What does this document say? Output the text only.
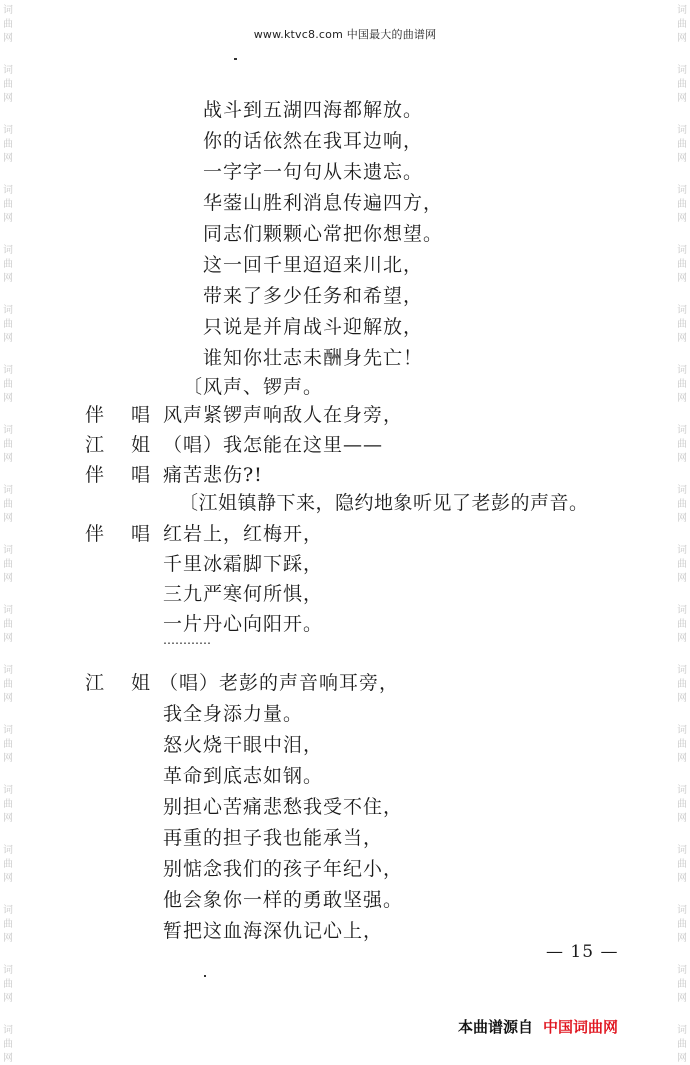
词
曲
网
词
曲
网
词
曲
网
词
曲
网
词
曲
网
词
曲
网
词
曲
网
词
曲
网
词
曲
网
词
曲
网
词
曲
网
词
曲
网
词
曲
网
词
曲
网
词
曲
网
词
曲
网
词
曲
网
词
曲
网
词
曲
网
词
曲
网
词
曲
网
词
曲
网
词
曲
网
词
曲
网
词
曲
网
词
曲
网
词
曲
网
词
曲
网
词
曲
网
词
曲
网
词
曲
网
词
曲
网
词
曲
网
词
曲
网
词
曲
网
词
曲
网
www.ktvc8.com 中国最大的曲谱网
战斗到五湖四海都解放。
你的话依然在我耳边响，
一字字一句句从未遗忘。
华蓥山胜利消息传遍四方，
同志们颗颗心常把你想望。
这一回千里迢迢来川北，
带来了多少任务和希望，
只说是并肩战斗迎解放，
谁知你壮志未酬身先亡！
〔风声、锣声。
伴 唱 风声紧锣声响敌人在身旁，
江 姐 （唱）我怎能在这里——
伴 唱 痛苦悲伤?!
〔江姐镇静下来，隐约地象听见了老彭的声音。
伴 唱 红岩上，红梅开，
千里冰霜脚下踩，
三九严寒何所惧，
一片丹心向阳开。
…………
江 姐 （唱）老彭的声音响耳旁，
我全身添力量。
怒火烧干眼中泪，
革命到底志如钢。
别担心苦痛悲愁我受不住，
再重的担子我也能承当，
别惦念我们的孩子年纪小，
他会象你一样的勇敢坚强。
暂把这血海深仇记心上，
— 15 —
本曲谱源自 中国词曲网
